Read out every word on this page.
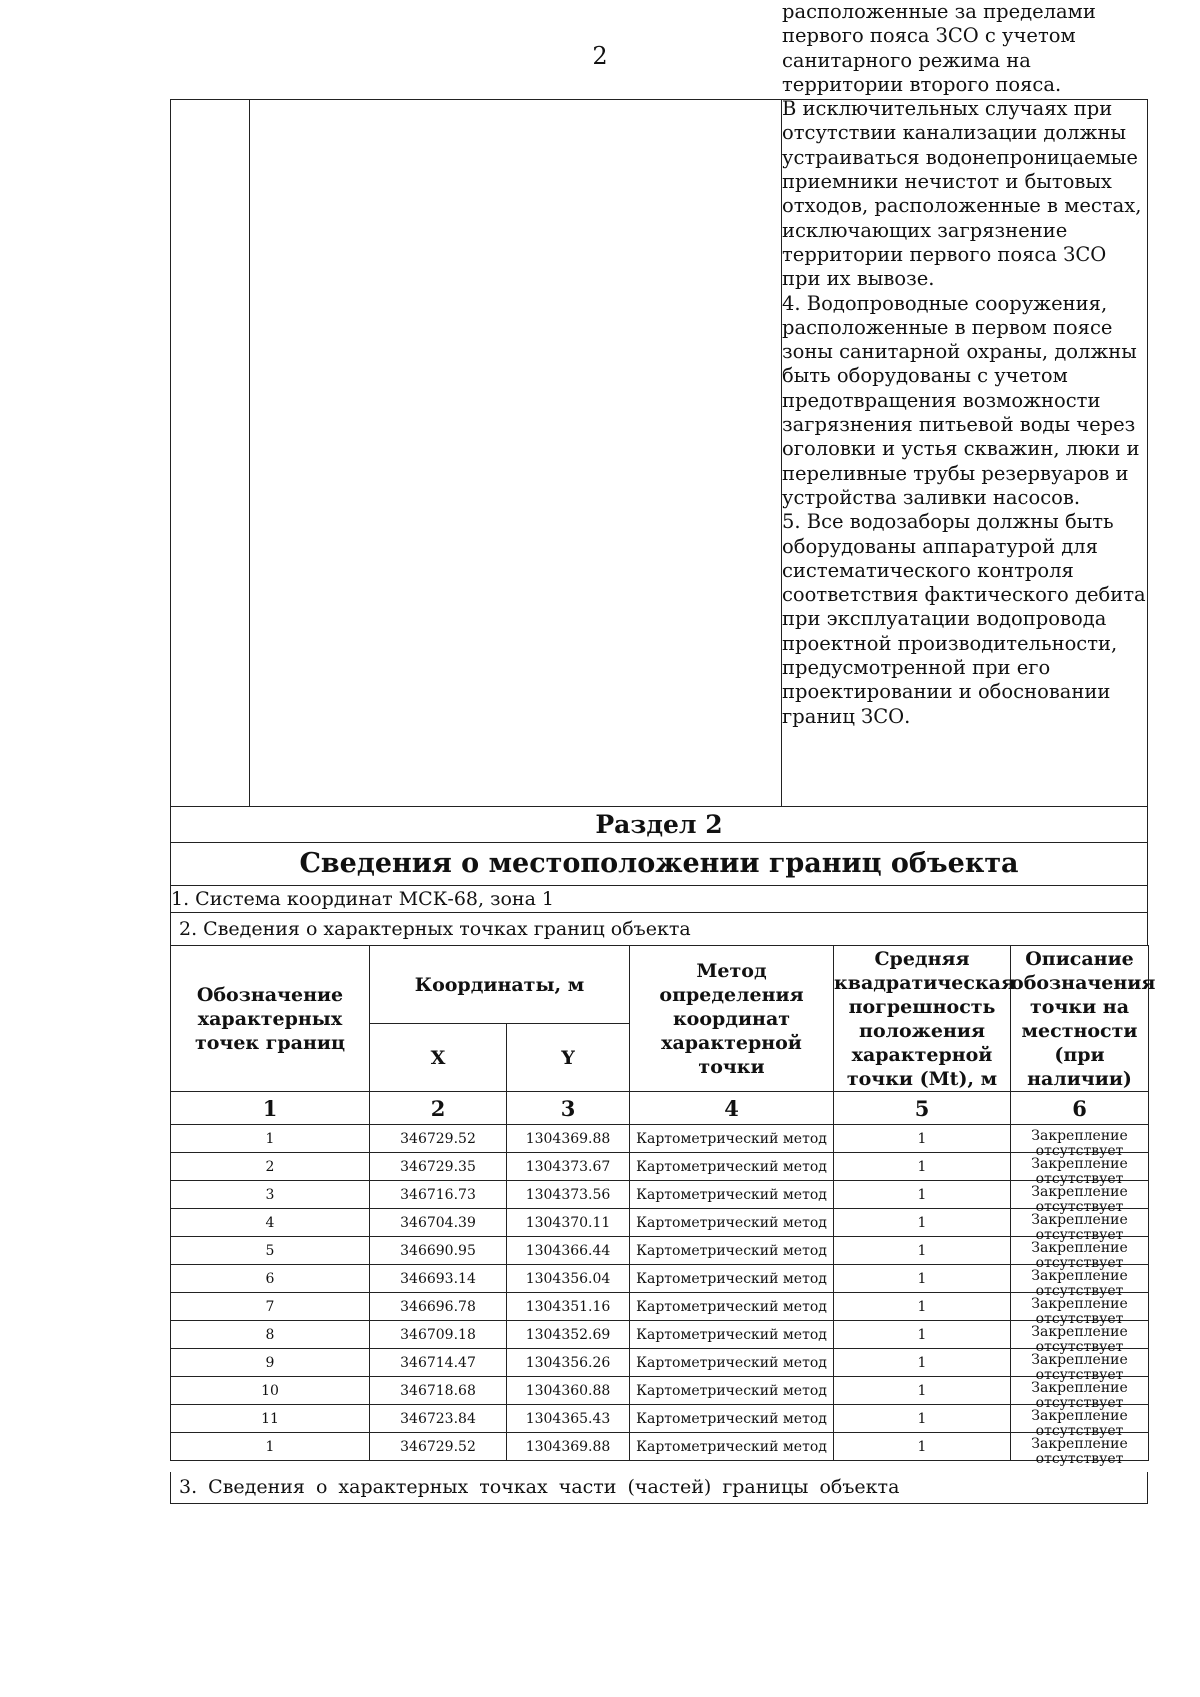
2

расположенные за пределами первого пояса ЗСО с учетом санитарного режима на территории второго пояса.

В исключительных случаях при отсутствии канализации должны устраиваться водонепроницаемые приемники нечистот и бытовых отходов, расположенные в местах, исключающих загрязнение территории первого пояса ЗСО при их вывозе.

4. Водопроводные сооружения, расположенные в первом поясе зоны санитарной охраны, должны быть оборудованы с учетом предотвращения возможности загрязнения питьевой воды через оголовки и устья скважин, люки и переливные трубы резервуаров и устройства заливки насосов.

5. Все водозаборы должны быть оборудованы аппаратурой для систематического контроля соответствия фактического дебита при эксплуатации водопровода проектной производительности, предусмотренной при его проектировании и обосновании границ ЗСО.

Раздел 2
Сведения о местоположении границ объекта
1. Система координат МСК-68, зона 1
2. Сведения о характерных точках границ объекта
Обозначение характерных точек границ	Координаты, м		Метод определения координат характерной точки	Средняя квадратическая погрешность положения характерной точки (Mt), м	Описание обозначения точки на местности (при наличии)
	X	Y			
1	2	3	4	5	6
1	346729.52	1304369.88	Картометрический метод	1	Закрепление отсутствует

2	346729.35	1304373.67	Картометрический метод	1	Закрепление отсутствует

3	346716.73	1304373.56	Картометрический метод	1	Закрепление отсутствует

4	346704.39	1304370.11	Картометрический метод	1	Закрепление отсутствует

5	346690.95	1304366.44	Картометрический метод	1	Закрепление отсутствует

6	346693.14	1304356.04	Картометрический метод	1	Закрепление отсутствует

7	346696.78	1304351.16	Картометрический метод	1	Закрепление отсутствует

8	346709.18	1304352.69	Картометрический метод	1	Закрепление отсутствует

9	346714.47	1304356.26	Картометрический метод	1	Закрепление отсутствует

10	346718.68	1304360.88	Картометрический метод	1	Закрепление отсутствует

11	346723.84	1304365.43	Картометрический метод	1	Закрепление отсутствует

1	346729.52	1304369.88	Картометрический метод	1	Закрепление отсутствует
3. Сведения о характерных точках части (частей) границы объекта
